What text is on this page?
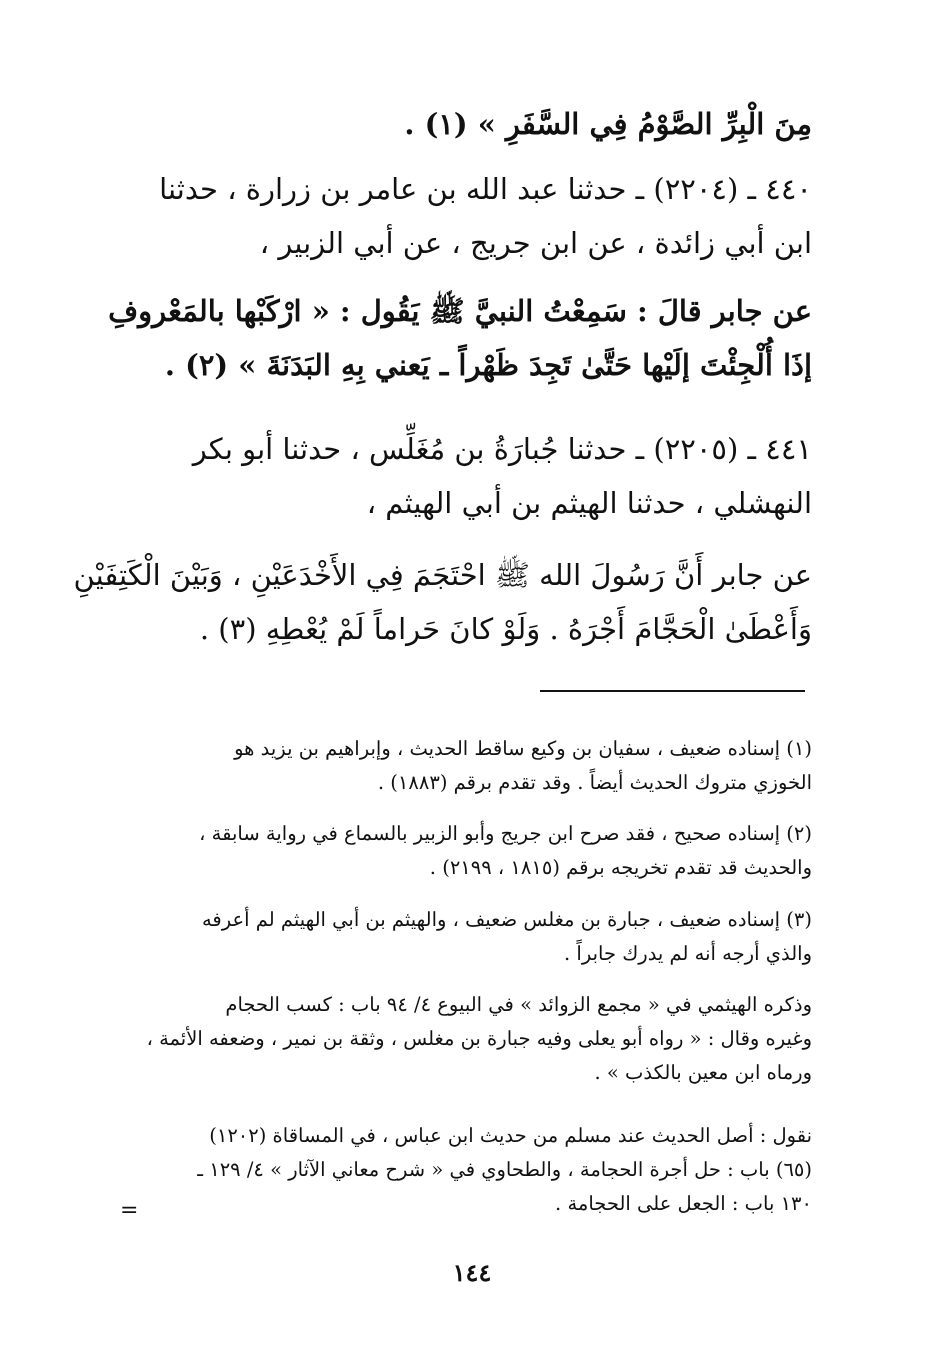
مِنَ الْبِرِّ الصَّوْمُ فِي السَّفَرِ » (١) .
٤٤٠ ـ (٢٢٠٤) ـ حدثنا عبد الله بن عامر بن زرارة ، حدثنا
ابن أبي زائدة ، عن ابن جريج ، عن أبي الزبير ،
عن جابر قالَ : سَمِعْتُ النبيَّ ﷺ يَقُول : « ارْكَبْها بالمَعْروفِ
إذَا أُلْجِئْتَ إلَيْها حَتَّىٰ تَجِدَ ظَهْراً ـ يَعني بِهِ البَدَنَةَ » (٢) .
٤٤١ ـ (٢٢٠٥) ـ حدثنا جُبارَةُ بن مُغَلِّس ، حدثنا أبو بكر
النهشلي ، حدثنا الهيثم بن أبي الهيثم ،
عن جابر أَنَّ رَسُولَ الله ﷺ احْتَجَمَ فِي الأَخْدَعَيْنِ ، وَبَيْنَ الْكَتِفَيْنِ
وَأَعْطَىٰ الْحَجَّامَ أَجْرَهُ . وَلَوْ كانَ حَراماً لَمْ يُعْطِهِ (٣) .
(١) إسناده ضعيف ، سفيان بن وكيع ساقط الحديث ، وإبراهيم بن يزيد هو
الخوزي متروك الحديث أيضاً . وقد تقدم برقم (١٨٨٣) .
(٢) إسناده صحيح ، فقد صرح ابن جريج وأبو الزبير بالسماع في رواية سابقة ،
والحديث قد تقدم تخريجه برقم (١٨١٥ ، ٢١٩٩) .
(٣) إسناده ضعيف ، جبارة بن مغلس ضعيف ، والهيثم بن أبي الهيثم لم أعرفه
والذي أرجه أنه لم يدرك جابراً .
وذكره الهيثمي في « مجمع الزوائد » في البيوع ٤/ ٩٤ باب : كسب الحجام
وغيره وقال : « رواه أبو يعلى وفيه جبارة بن مغلس ، وثقة بن نمير ، وضعفه الأئمة ،
ورماه ابن معين بالكذب » .
نقول : أصل الحديث عند مسلم من حديث ابن عباس ، في المساقاة (١٢٠٢)
(٦٥) باب : حل أجرة الحجامة ، والطحاوي في « شرح معاني الآثار » ٤/ ١٢٩ ـ
١٣٠ باب : الجعل على الحجامة .
=
١٤٤
